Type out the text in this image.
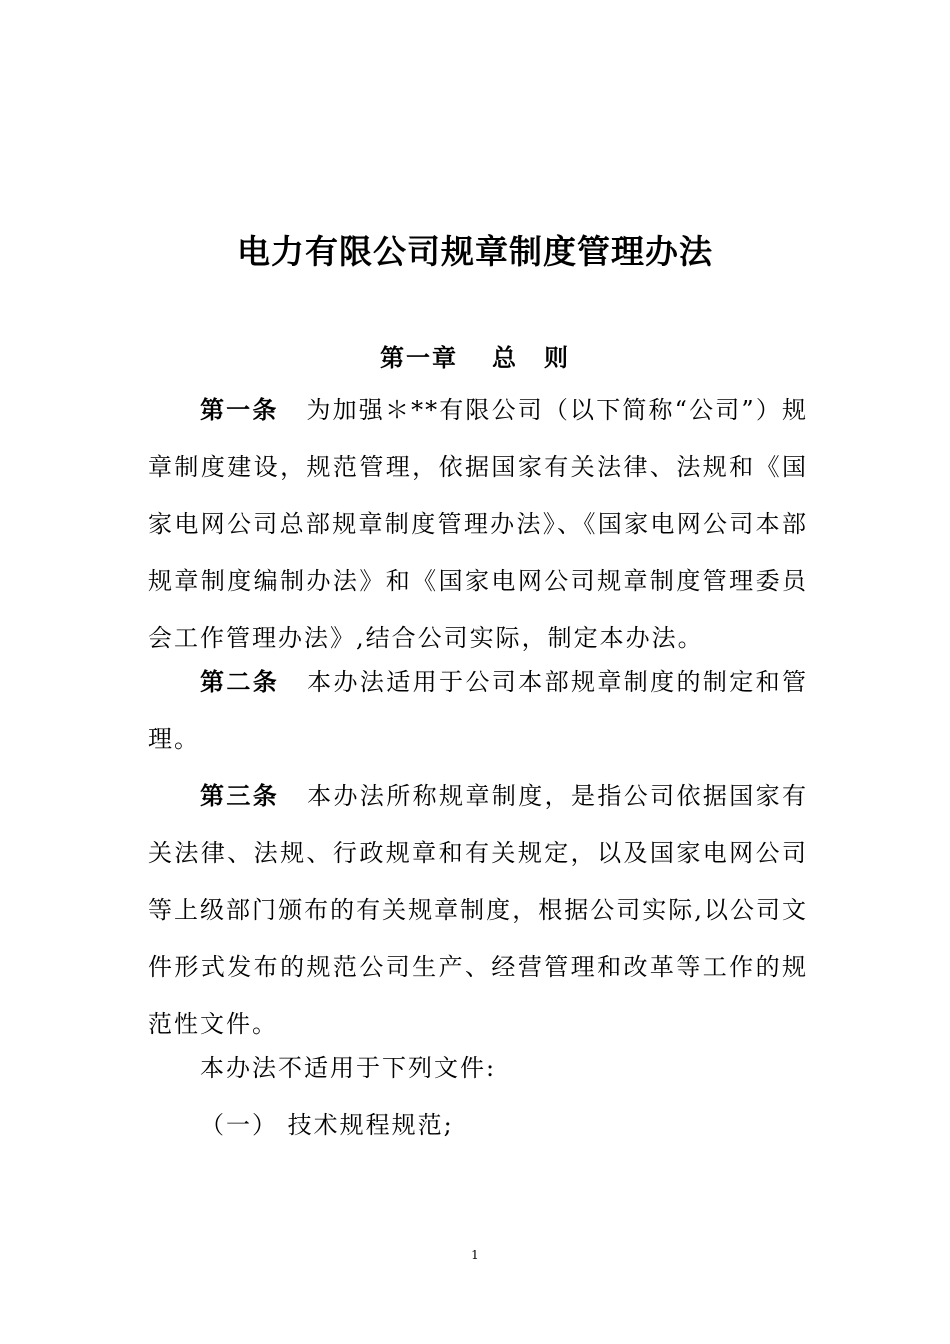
电力有限公司规章制度管理办法
第一章 总 则

第一条 为加强＊**有限公司（以下简称“公司”）规章制度建设，规范管理，依据国家有关法律、法规和《国家电网公司总部规章制度管理办法》、《国家电网公司本部规章制度编制办法》和《国家电网公司规章制度管理委员会工作管理办法》,结合公司实际，制定本办法。

第二条 本办法适用于公司本部规章制度的制定和管理。

第三条 本办法所称规章制度，是指公司依据国家有关法律、法规、行政规章和有关规定，以及国家电网公司等上级部门颁布的有关规章制度，根据公司实际,以公司文件形式发布的规范公司生产、经营管理和改革等工作的规范性文件。

本办法不适用于下列文件:

（一） 技术规程规范;

1
